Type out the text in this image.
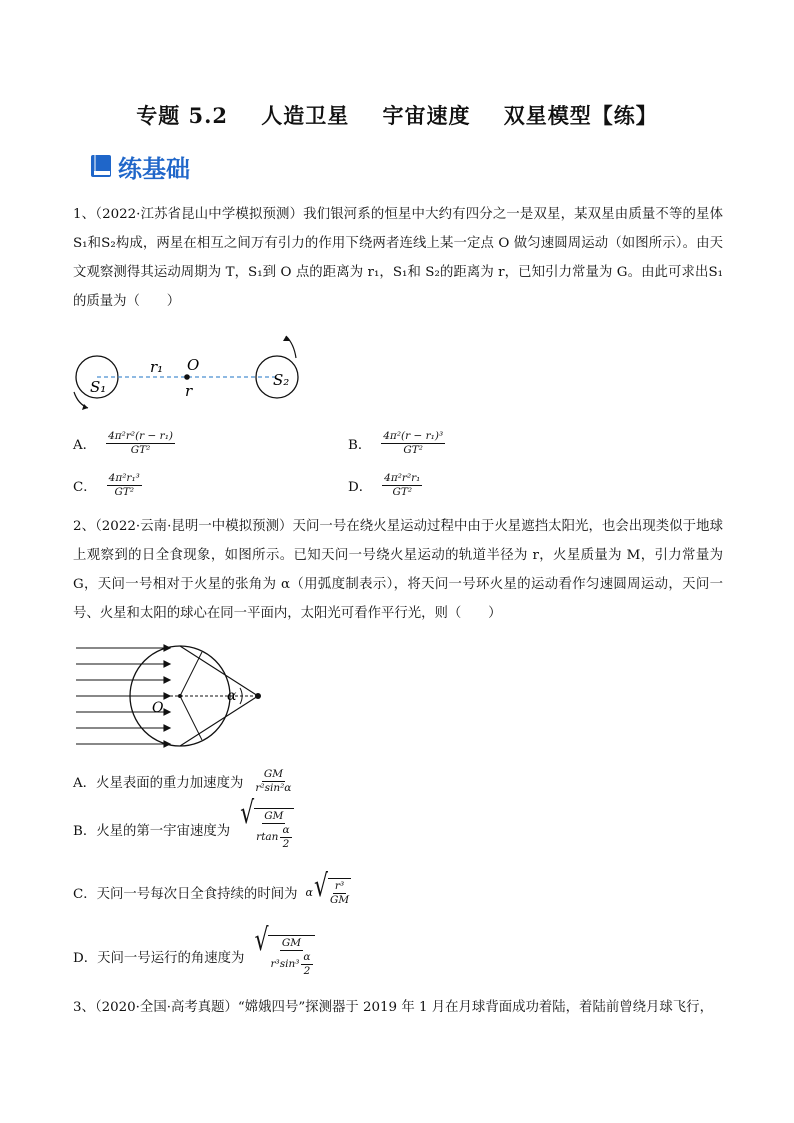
专题 5.2    人造卫星    宇宙速度    双星模型【练】
练基础
1、（2022·江苏省昆山中学模拟预测）我们银河系的恒星中大约有四分之一是双星，某双星由质量不等的星体S₁和S₂构成，两星在相互之间万有引力的作用下绕两者连线上某一定点 O 做匀速圆周运动（如图所示）。由天文观察测得其运动周期为 T，S₁到 O 点的距离为 r₁，S₁和 S₂的距离为 r，已知引力常量为 G。由此可求出S₁的质量为（　　）
r₁ O
r
S₁	S₂
A． $\frac{\text{4π²r²(r − r₁)}}{\text{GT²}}$	B． $\frac{\text{4π²(r − r₁)³}}{\text{GT²}}$
C． $\frac{\text{4π²r₁³}}{\text{GT²}}$	D． $\frac{\text{4π²r²r₁}}{\text{GT²}}$
2、（2022·云南·昆明一中模拟预测）天问一号在绕火星运动过程中由于火星遮挡太阳光，也会出现类似于地球上观察到的日全食现象，如图所示。已知天问一号绕火星运动的轨道半径为 r，火星质量为 M，引力常量为 G，天问一号相对于火星的张角为 α（用弧度制表示），将天问一号环火星的运动看作匀速圆周运动，天问一号、火星和太阳的球心在同一平面内，太阳光可看作平行光，则（　　）
O
α
A．火星表面的重力加速度为 $\frac{GM}{\text{r²sin²α}}$
B．火星的第一宇宙速度为 √ GM
rtan
α
2
C．天问一号每次日全食持续的时间为 α √ r³
GM
D．天问一号运行的角速度为 √ GM
r³sin³
α
2
3、（2020·全国·高考真题）“嫦娥四号”探测器于 2019 年 1 月在月球背面成功着陆，着陆前曾绕月球飞行，
